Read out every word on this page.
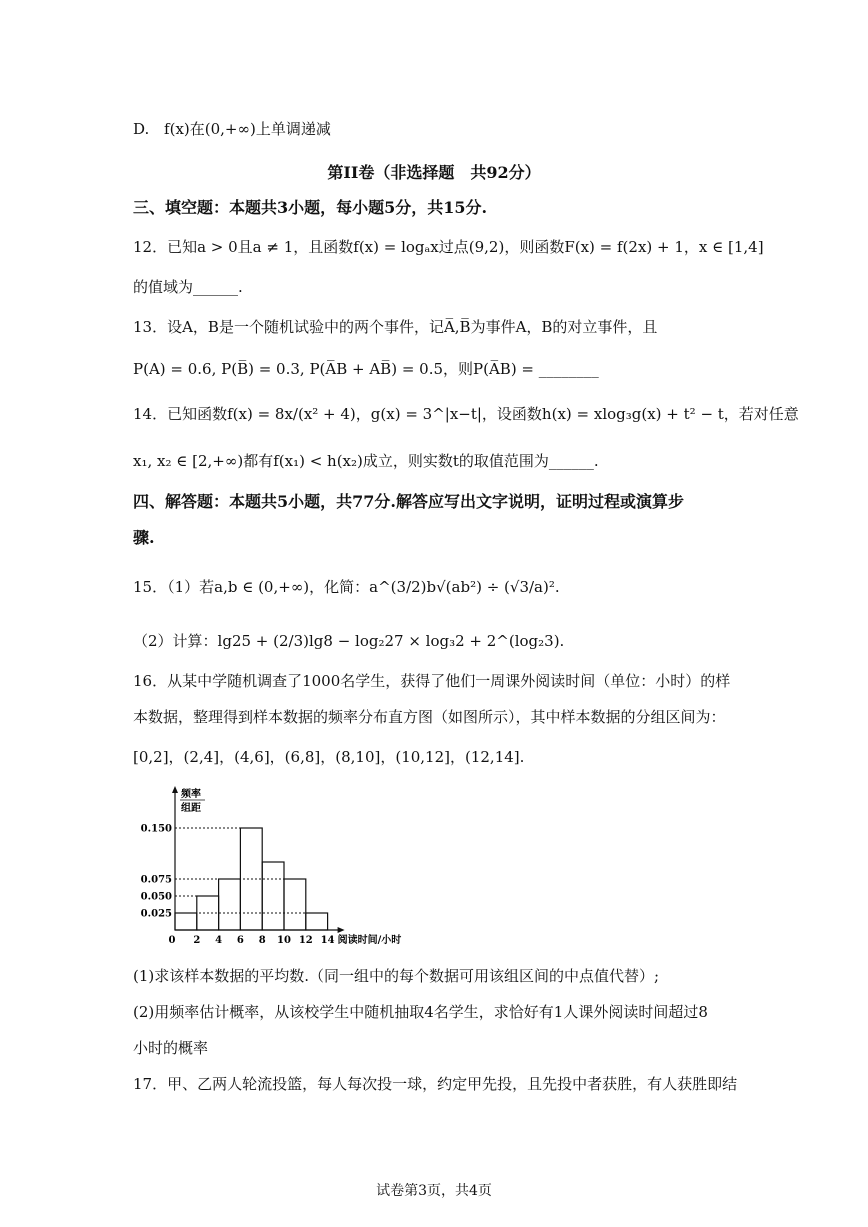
D. f(x)在(0,+∞)上单调递减
第II卷（非选择题　共92分）
三、填空题：本题共3小题，每小题5分，共15分.
12．已知a > 0且a ≠ 1，且函数f(x) = logₐx过点(9,2)，则函数F(x) = f(2x) + 1，x ∈ [1,4]
的值域为______.
13．设A，B是一个随机试验中的两个事件，记A̅,B̅为事件A，B的对立事件，且
P(A) = 0.6, P(B̅) = 0.3, P(A̅B + AB̅) = 0.5，则P(A̅B) = ________
14．已知函数f(x) = 8x/(x² + 4)，g(x) = 3^|x−t|，设函数h(x) = xlog₃g(x) + t² − t，若对任意
x₁, x₂ ∈ [2,+∞)都有f(x₁) < h(x₂)成立，则实数t的取值范围为______.
四、解答题：本题共5小题，共77分.解答应写出文字说明，证明过程或演算步
骤.
15．（1）若a,b ∈ (0,+∞)，化简：a^(3/2)b√(ab²) ÷ (√3/a)².
（2）计算：lg25 + (2/3)lg8 − log₂27 × log₃2 + 2^(log₂3).
16．从某中学随机调查了1000名学生，获得了他们一周课外阅读时间（单位：小时）的样
本数据，整理得到样本数据的频率分布直方图（如图所示），其中样本数据的分组区间为：
[0,2]，(2,4]，(4,6]，(6,8]，(8,10]，(10,12]，(12,14].
频率
组距
0.025
0.050
0.075
0.150
0 2 4 6 8 10 12 14 阅读时间/小时
(1)求该样本数据的平均数.（同一组中的每个数据可用该组区间的中点值代替）;
(2)用频率估计概率，从该校学生中随机抽取4名学生，求恰好有1人课外阅读时间超过8
小时的概率
17．甲、乙两人轮流投篮，每人每次投一球，约定甲先投，且先投中者获胜，有人获胜即结
试卷第3页，共4页
